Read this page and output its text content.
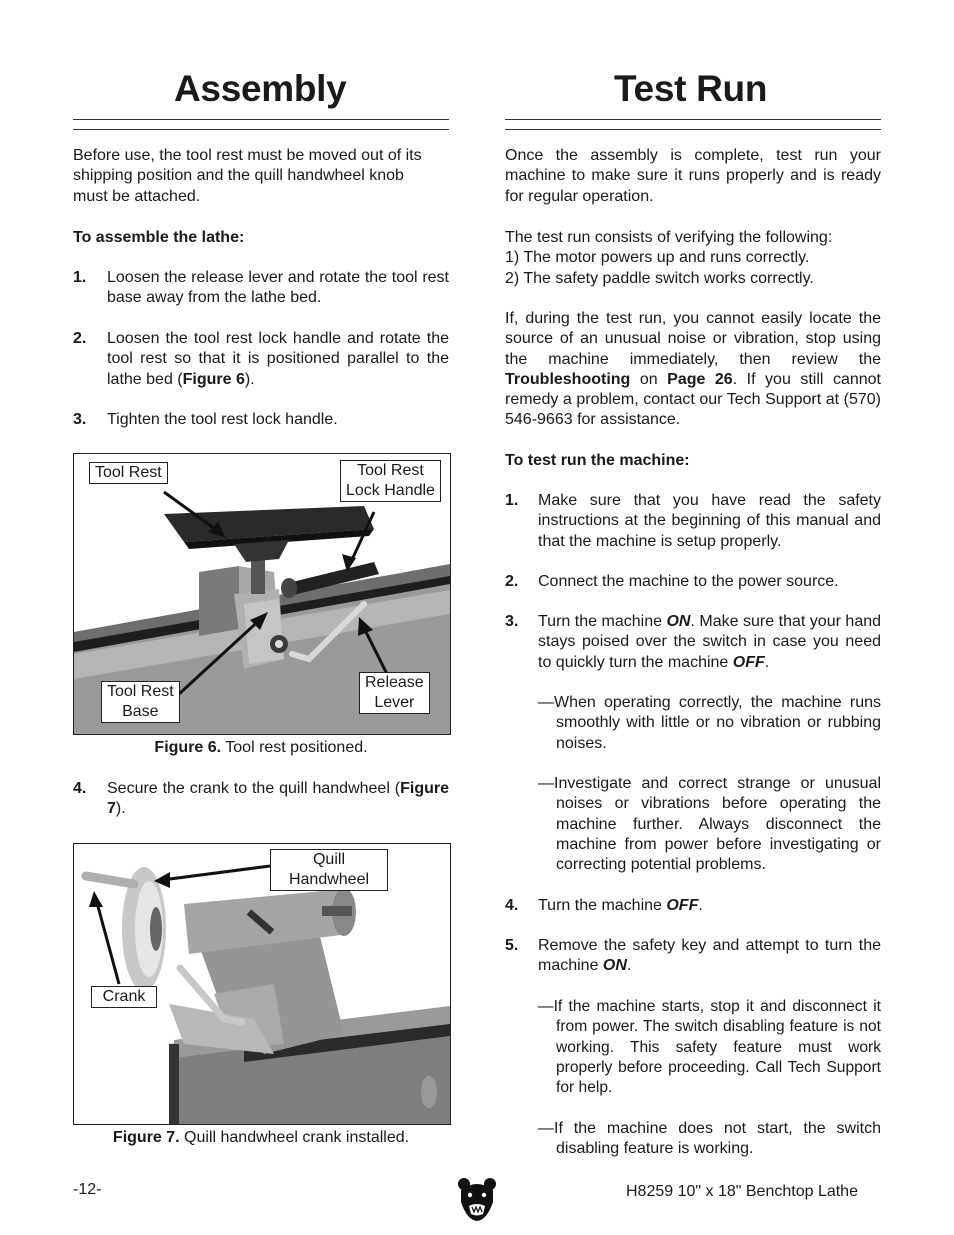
Assembly

Before use, the tool rest must be moved out of its shipping position and the quill handwheel knob must be attached.

To assemble the lathe:

1. Loosen the release lever and rotate the tool rest base away from the lathe bed.
2. Loosen the tool rest lock handle and rotate the tool rest so that it is positioned parallel to the lathe bed (Figure 6).
3. Tighten the tool rest lock handle.
Tool Rest	Tool Rest
Lock Handle
Tool Rest
Base
Release
Lever
Figure 6. Tool rest positioned.
4. Secure the crank to the quill handwheel (Figure 7).
Quill
Handwheel
Crank
Figure 7. Quill handwheel crank installed.
Test Run

Once the assembly is complete, test run your machine to make sure it runs properly and is ready for regular operation.

The test run consists of verifying the following:
1) The motor powers up and runs correctly.
2) The safety paddle switch works correctly.

If, during the test run, you cannot easily locate the source of an unusual noise or vibration, stop using the machine immediately, then review the Troubleshooting on Page 26. If you still cannot remedy a problem, contact our Tech Support at (570) 546-9663 for assistance.

To test run the machine:

1. Make sure that you have read the safety instructions at the beginning of this manual and that the machine is setup properly.
2. Connect the machine to the power source.
3. Turn the machine ON. Make sure that your hand stays poised over the switch in case you need to quickly turn the machine OFF.
—When operating correctly, the machine runs smoothly with little or no vibration or rubbing noises.
—Investigate and correct strange or unusual noises or vibrations before operating the machine further. Always disconnect the machine from power before investigating or correcting potential problems.
4. Turn the machine OFF.
5. Remove the safety key and attempt to turn the machine ON.
—If the machine starts, stop it and disconnect it from power. The switch disabling feature is not working. This safety feature must work properly before proceeding. Call Tech Support for help.
—If the machine does not start, the switch disabling feature is working.
-12-	H8259 10" x 18" Benchtop Lathe
